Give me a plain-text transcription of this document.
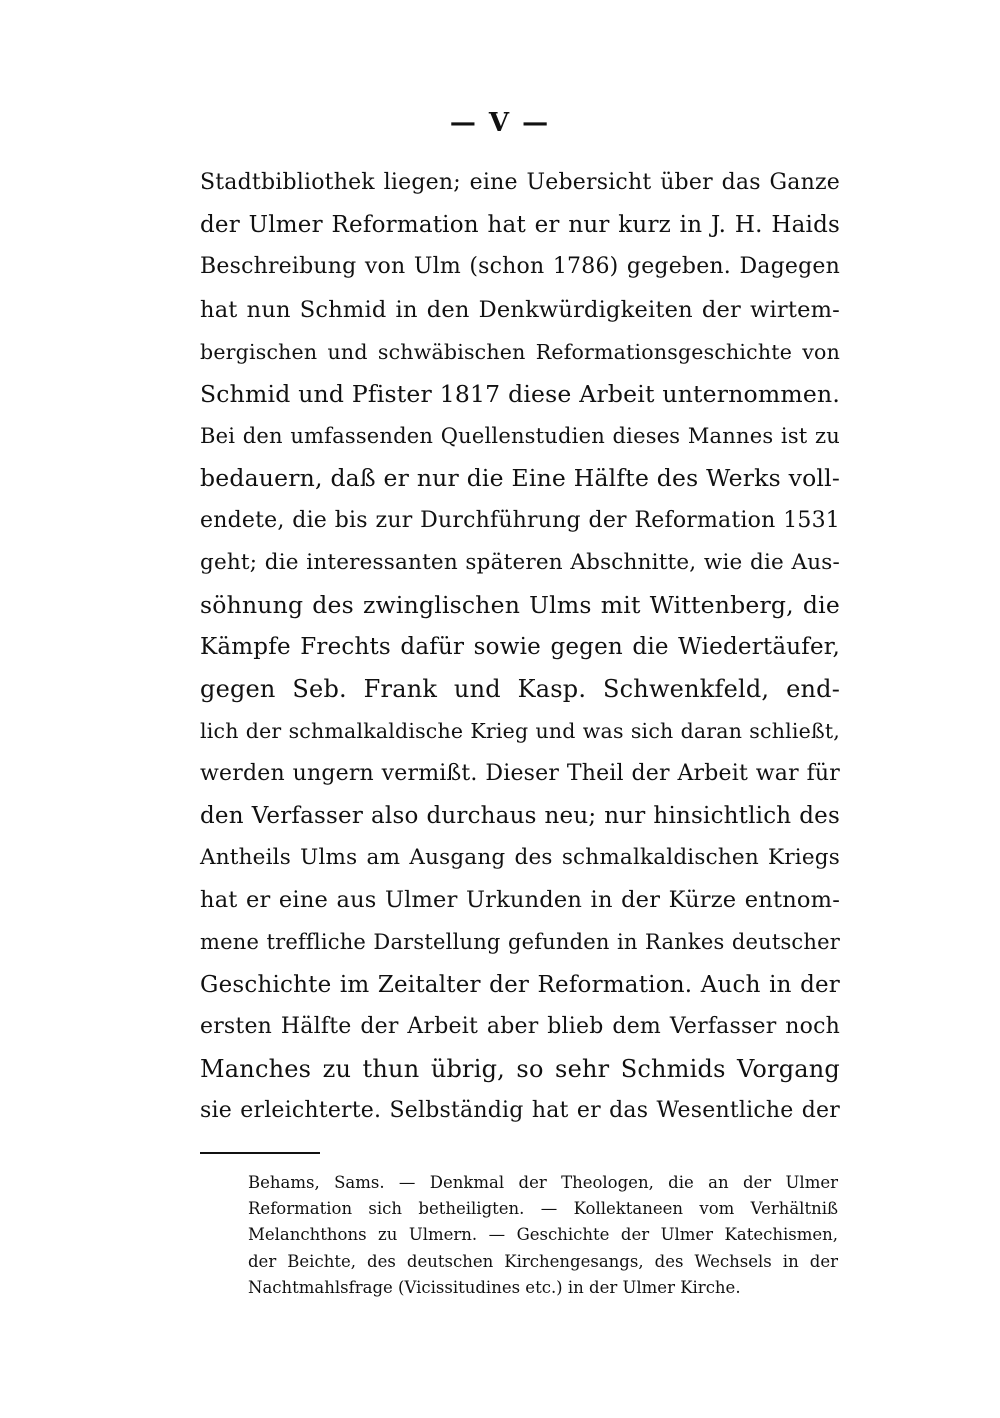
— V —
Stadtbibliothek liegen; eine Uebersicht über das Ganze
der Ulmer Reformation hat er nur kurz in J. H. Haids
Beschreibung von Ulm (schon 1786) gegeben. Dagegen
hat nun Schmid in den Denkwürdigkeiten der wirtem-
bergischen und schwäbischen Reformationsgeschichte von
Schmid und Pfister 1817 diese Arbeit unternommen.
Bei den umfassenden Quellenstudien dieses Mannes ist zu
bedauern, daß er nur die Eine Hälfte des Werks voll-
endete, die bis zur Durchführung der Reformation 1531
geht; die interessanten späteren Abschnitte, wie die Aus-
söhnung des zwinglischen Ulms mit Wittenberg, die
Kämpfe Frechts dafür sowie gegen die Wiedertäufer,
gegen Seb. Frank und Kasp. Schwenkfeld, end-
lich der schmalkaldische Krieg und was sich daran schließt,
werden ungern vermißt. Dieser Theil der Arbeit war für
den Verfasser also durchaus neu; nur hinsichtlich des
Antheils Ulms am Ausgang des schmalkaldischen Kriegs
hat er eine aus Ulmer Urkunden in der Kürze entnom-
mene treffliche Darstellung gefunden in Rankes deutscher
Geschichte im Zeitalter der Reformation. Auch in der
ersten Hälfte der Arbeit aber blieb dem Verfasser noch
Manches zu thun übrig, so sehr Schmids Vorgang
sie erleichterte. Selbständig hat er das Wesentliche der
Behams, Sams. — Denkmal der Theologen, die an der Ulmer
Reformation sich betheiligten. — Kollektaneen vom Verhältniß
Melanchthons zu Ulmern. — Geschichte der Ulmer Katechismen,
der Beichte, des deutschen Kirchengesangs, des Wechsels in der
Nachtmahlsfrage (Vicissitudines etc.) in der Ulmer Kirche.
